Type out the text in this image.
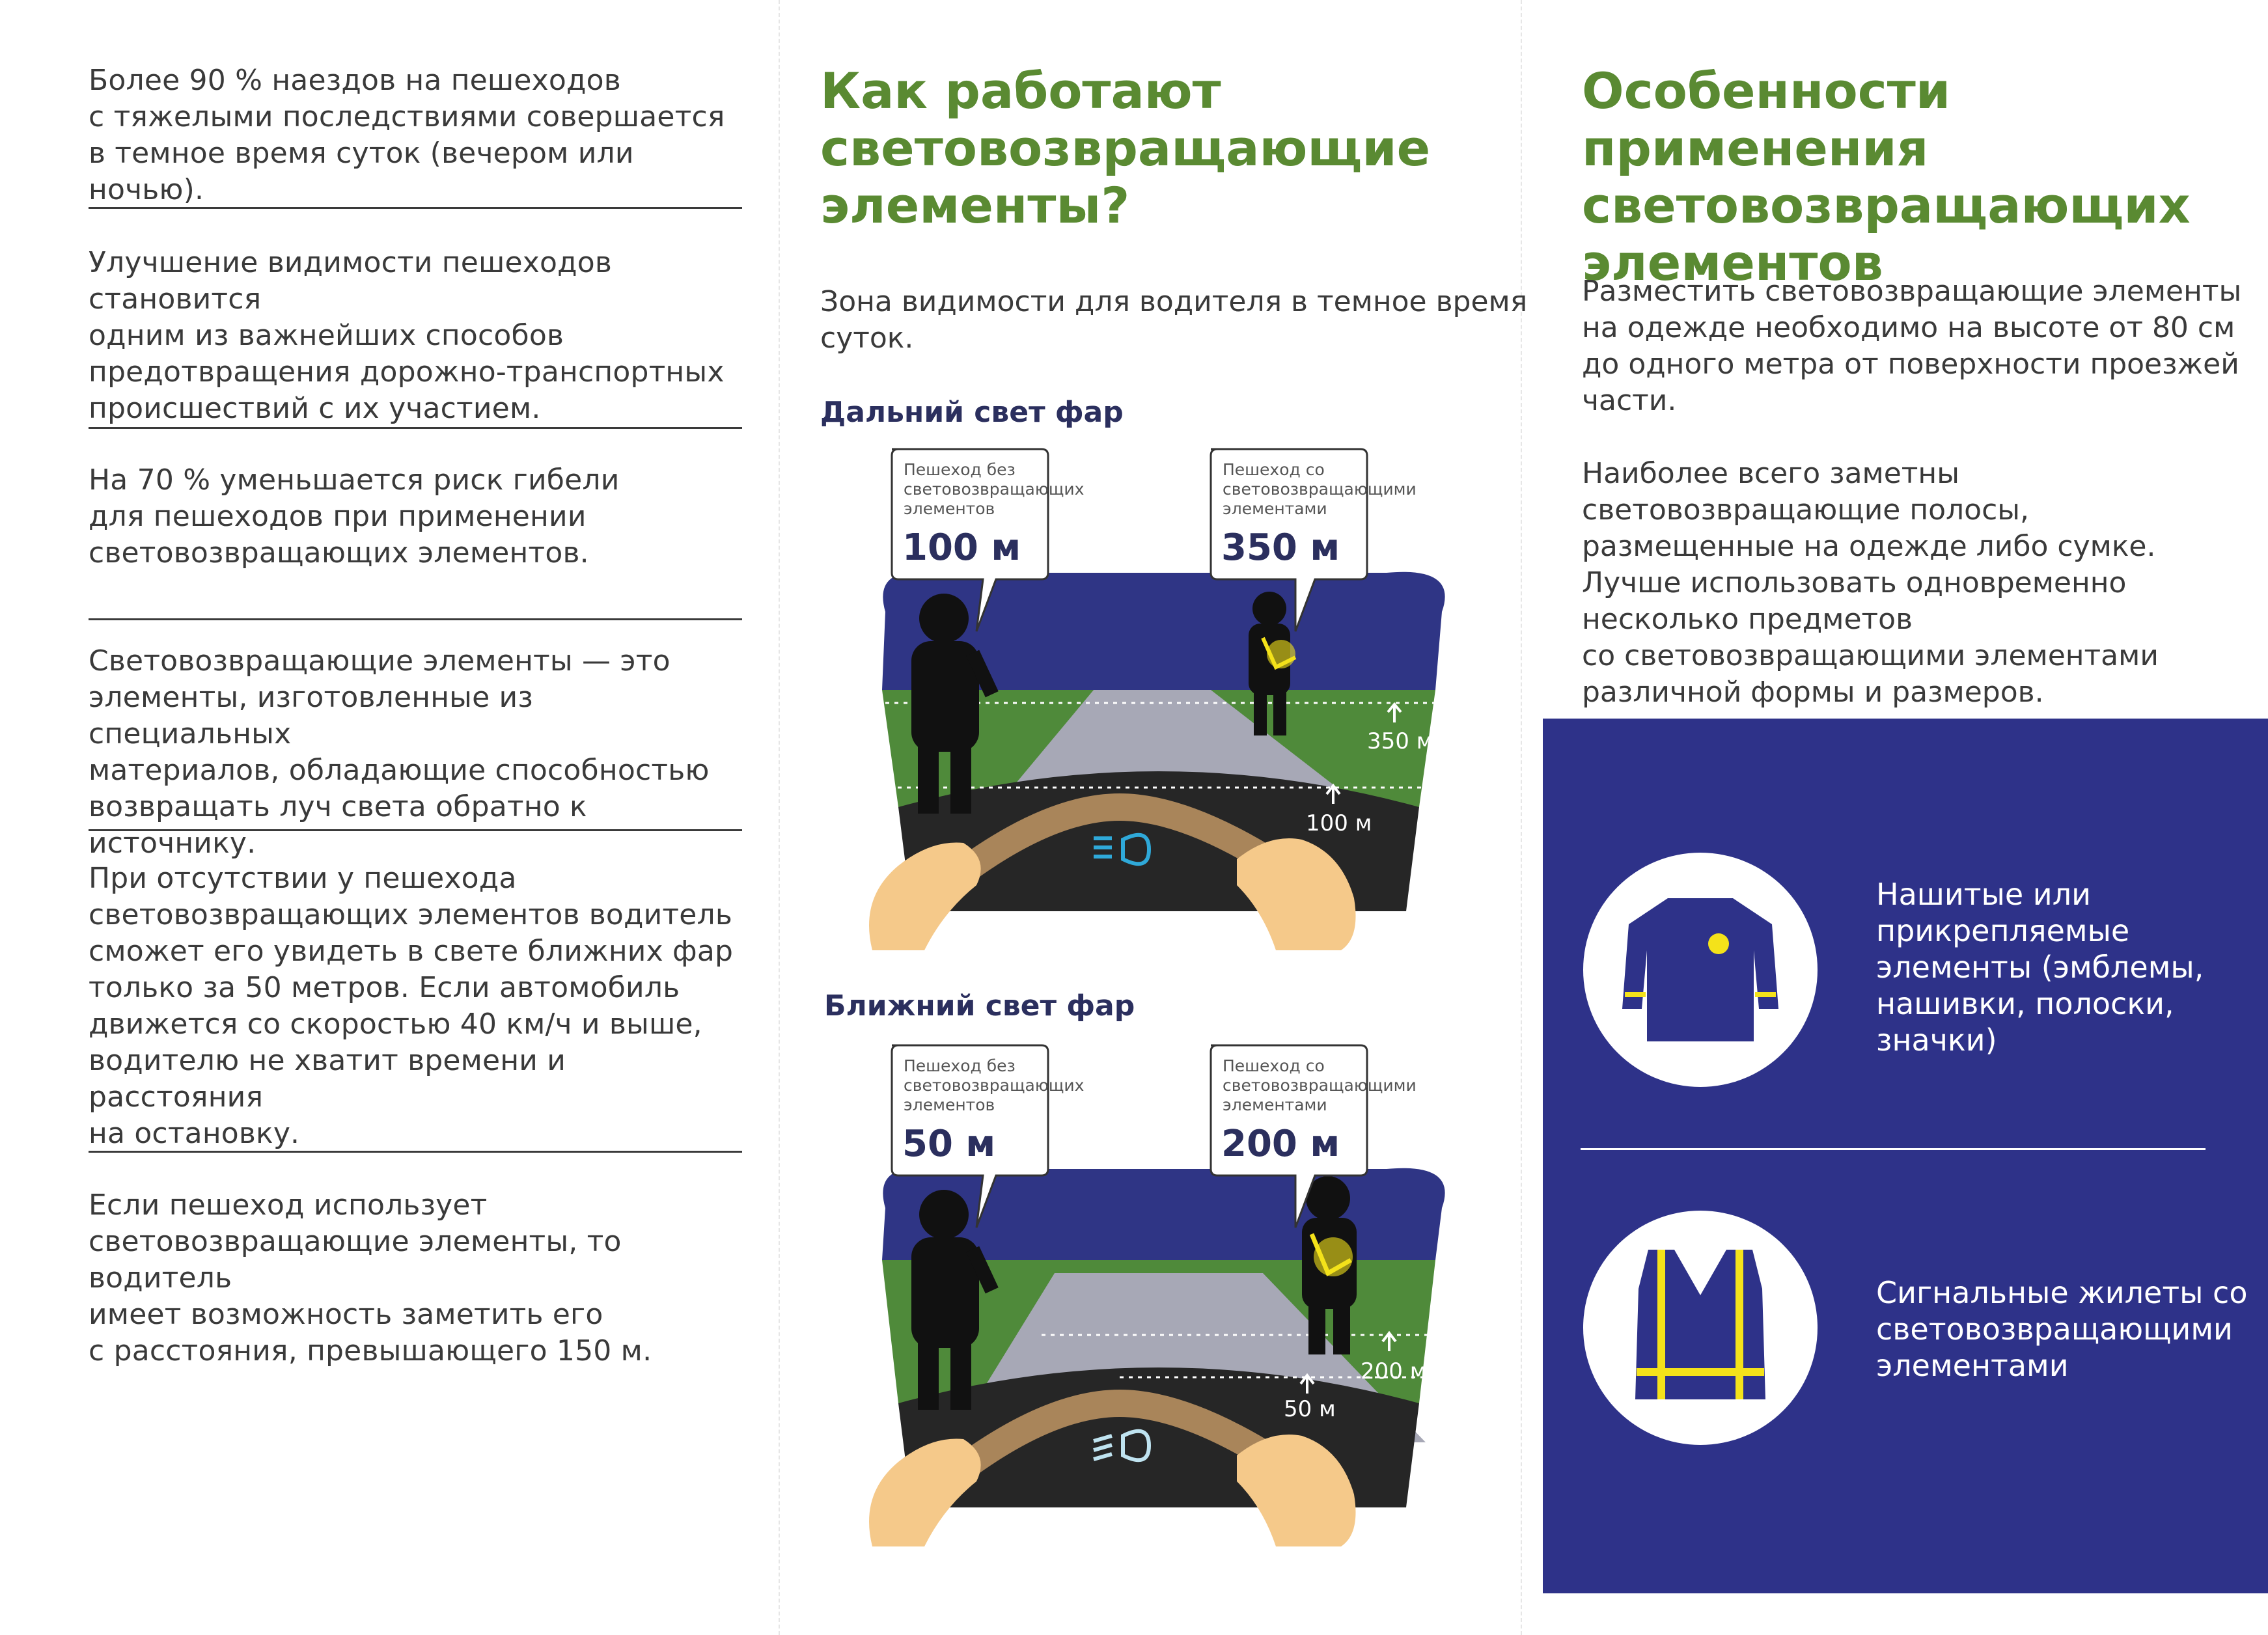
Более 90 % наездов на пешеходов

с тяжелыми последствиями совершается

в темное время суток (вечером или ночью).

Улучшение видимости пешеходов становится

одним из важнейших способов

предотвращения дорожно-транспортных

происшествий с их участием.

На 70 % уменьшается риск гибели

для пешеходов при применении

световозвращающих элементов.

Световозвращающие элементы — это

элементы, изготовленные из специальных

материалов, обладающие способностью

возвращать луч света обратно к источнику.

При отсутствии у пешехода

световозвращающих элементов водитель

сможет его увидеть в свете ближних фар

только за 50 метров. Если автомобиль

движется со скоростью 40 км/ч и выше,

водителю не хватит времени и расстояния

на остановку.

Если пешеход использует

световозвращающие элементы, то водитель

имеет возможность заметить его

с расстояния, превышающего 150 м.

Как работают
световозвращающие
элементы?
Зона видимости для водителя в темное время
суток.

Дальний свет фар

350 м
100 м
Пешеход без
световозвращающих
элементов
100 м
Пешеход со
световозвращающими
элементами
350 м

Ближний свет фар

200 м
50 м
Пешеход без
световозвращающих
элементов
50 м
Пешеход со
световозвращающими
элементами
200 м
Особенности применения
световозвращающих
элементов
Разместить световозвращающие элементы
на одежде необходимо на высоте от 80 см
до одного метра от поверхности проезжей
части.
Наиболее всего заметны
световозвращающие полосы,
размещенные на одежде либо сумке.
Лучше использовать одновременно
несколько предметов
со световозвращающими элементами
различной формы и размеров.
Нашитые или
прикрепляемые
элементы (эмблемы,
нашивки, полоски,
значки)
Сигнальные жилеты со
световозвращающими
элементами
